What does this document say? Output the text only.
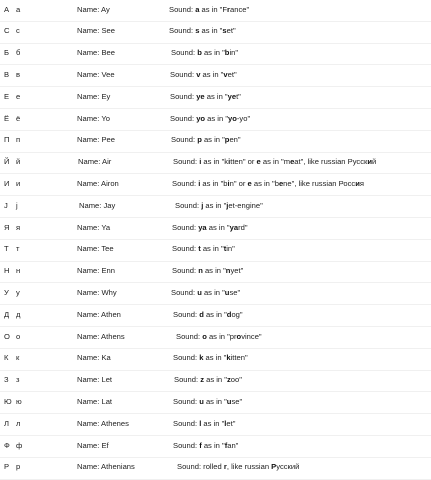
А а	Name: Ay	Sound: a as in "France"
С с	Name: See	Sound: s as in "set"
Б б	Name: Bee	Sound: b as in "bin"
В в	Name: Vee	Sound: v as in "vet"
Е е	Name: Ey	Sound: ye as in "yet"
Ё ё	Name: Yo	Sound: yo as in "yo-yo"
П п	Name: Pee	Sound: p as in "pen"
Й й	Name: Air	Sound: i as in "kitten" or e as in "meat", like russian Русский
И и	Name: Airon	Sound: i as in "bin" or e as in "bene", like russian Россия
J j	Name: Jay	Sound: j as in "jet-engine"
Я я	Name: Ya	Sound: ya as in "yard"
Т т	Name: Tee	Sound: t as in "tin"
Н н	Name: Enn	Sound: n as in "nyet"
У у	Name: Why	Sound: u as in "use"
Д д	Name: Athen	Sound: d as in "dog"
О о	Name: Athens	Sound: o as in "province"
К к	Name: Ka	Sound: k as in "kitten"
З з	Name: Let	Sound: z as in "zoo"
Ю ю	Name: Lat	Sound: u as in "use"
Л л	Name: Athenes	Sound: l as in "let"
Ф ф	Name: Ef	Sound: f as in "fan"
Р р	Name: Athenians	Sound: rolled r, like russian Русский
